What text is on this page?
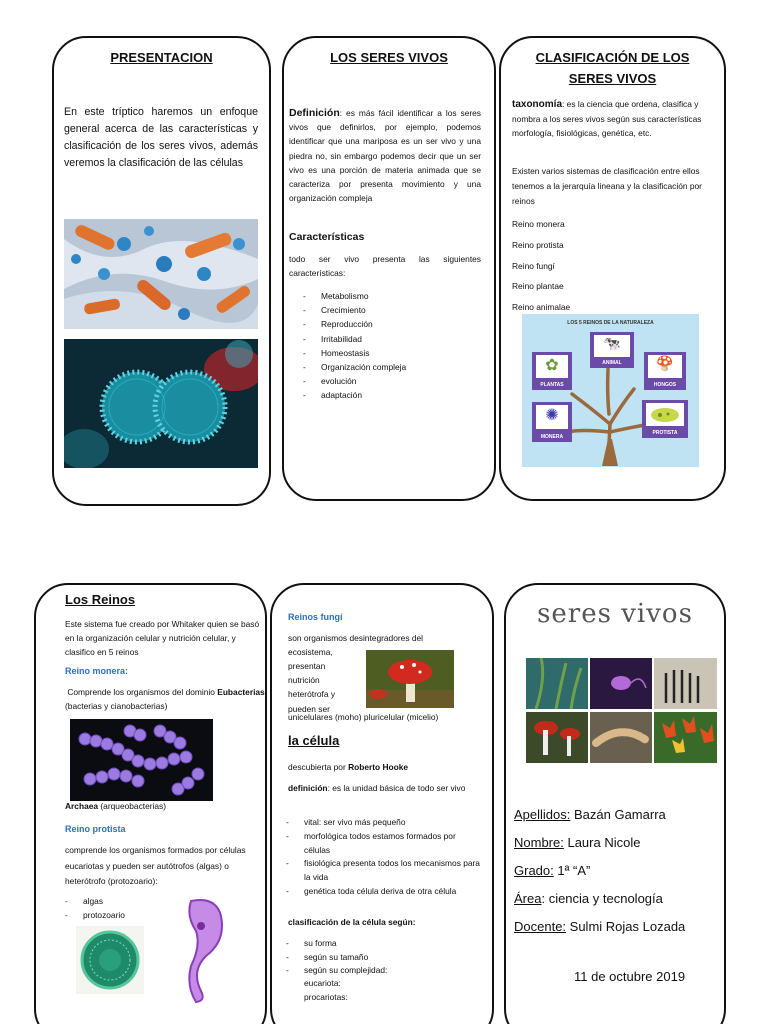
PRESENTACION
En este tríptico haremos un enfoque general acerca de las características y clasificación de los seres vivos, además veremos la clasificación de las células
LOS SERES VIVOS
Definición: es más fácil identificar a los seres vivos que definirlos, por ejemplo, podemos identificar que una mariposa es un ser vivo y una piedra no, sin embargo podemos decir que un ser vivo es una porción de materia animada que se caracteriza por presenta movimiento y una organización compleja
Características
todo ser vivo presenta las siguientes características:
- Metabolismo
- Crecimiento
- Reproducción
- Irritabilidad
- Homeostasis
- Organización compleja
- evolución
- adaptación
CLASIFICACIÓN DE LOS SERES VIVOS
taxonomía: es la ciencia que ordena, clasifica y nombra a los seres vivos según sus características morfología, fisiológicas, genética, etc.
Existen varios sistemas de clasificación entre ellos tenemos a la jerarquía lineana y la clasificación por reinos
Reino monera
Reino protista
Reino fungí
Reino plantae
Reino animalae
LOS 5 REINOS DE LA NATURALEZA
✿
PLANTAS
🐄
ANIMAL	🍄
HONGOS
✺
MONERA
PROTISTA
Los Reinos
Este sistema fue creado por Whitaker quien se basó en la organización celular y nutrición celular, y clasifico en 5 reinos
Reino monera:
Comprende los organismos del dominio Eubacterias (bacterias y cianobacterias)
Archaea (arqueobacterias)
Reino protista
comprende los organismos formados por células eucariotas y pueden ser autótrofos (algas) o heterótrofo (protozoario):
- algas
- protozoario
Reinos fungí
son organismos desintegradores del ecosistema,
presentan
nutrición
heterótrofa y
pueden ser
unicelulares (moho) pluricelular (micelio)
la célula
descubierta por Roberto Hooke
definición: es la unidad básica de todo ser vivo
- vital: ser vivo más pequeño
- morfológica todos estamos formados por células
- fisiológica presenta todos los mecanismos para la vida
- genética toda célula deriva de otra célula
clasificación de la célula según:
- su forma
- según su tamaño
- según su complejidad:
eucariota:
procariotas:
seres vivos
Apellidos: Bazán Gamarra
Nombre: Laura Nicole
Grado: 1ª “A”
Área: ciencia y tecnología
Docente: Sulmi Rojas Lozada
11 de octubre 2019
